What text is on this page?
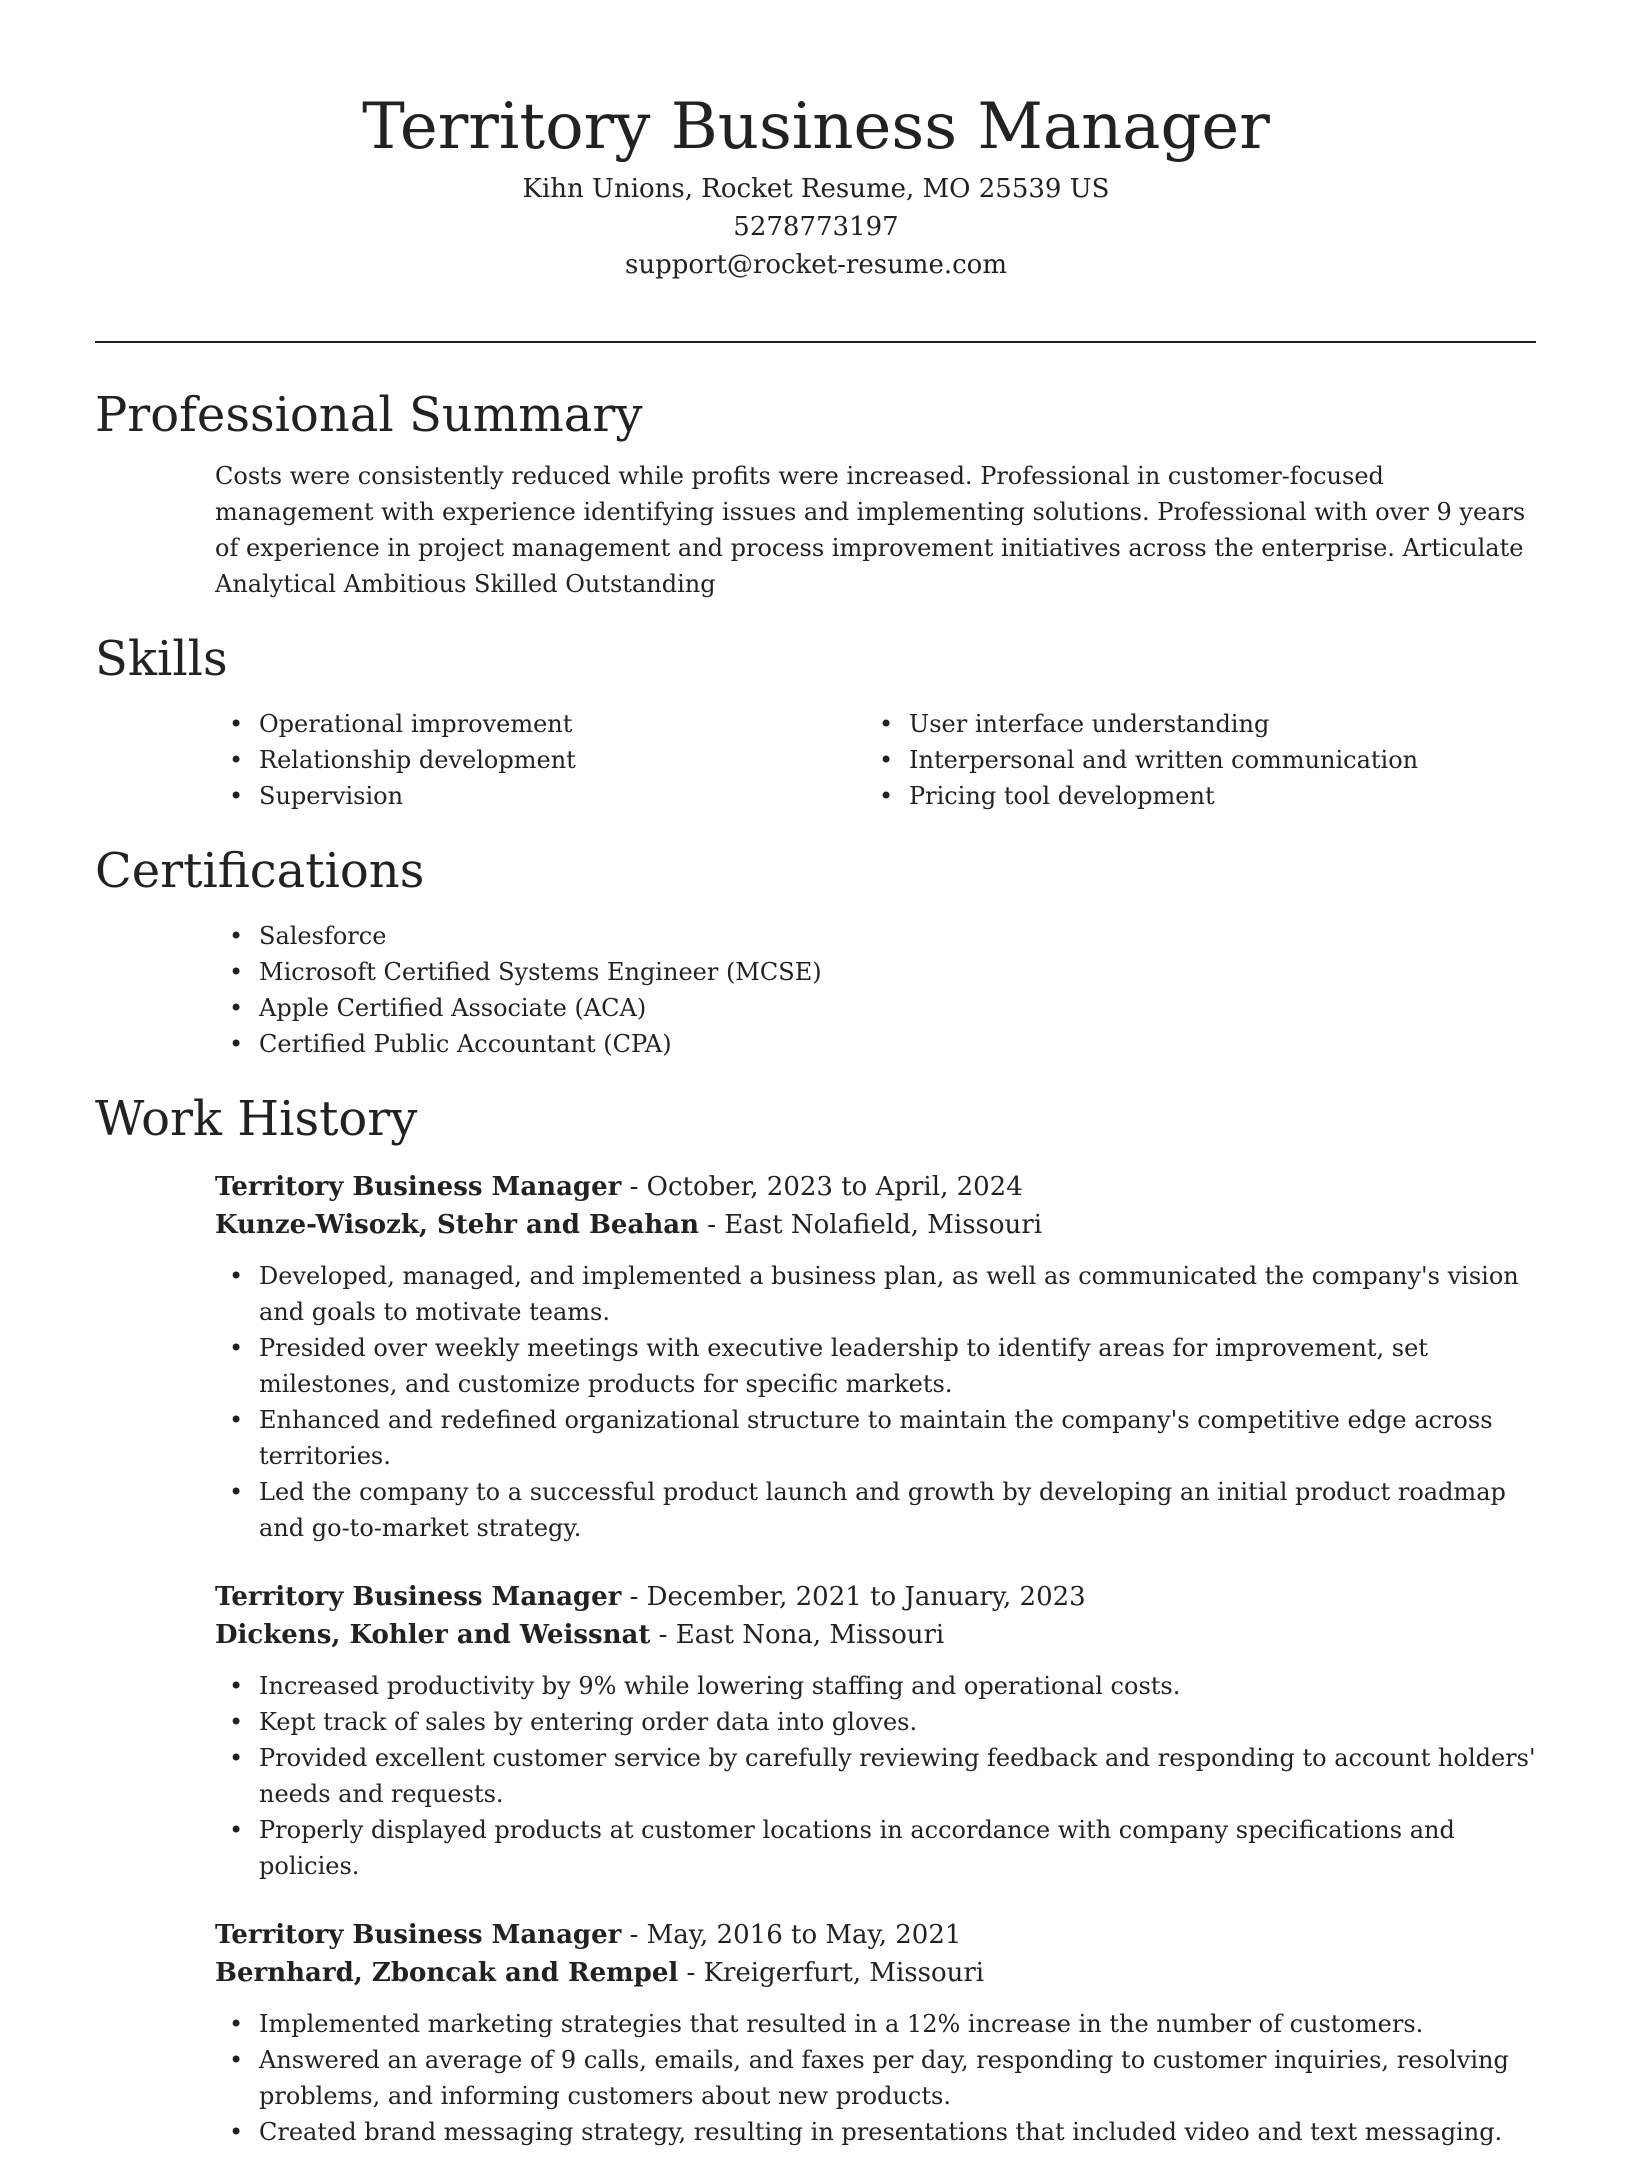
Territory Business Manager
Kihn Unions, Rocket Resume, MO 25539 US
5278773197
support@rocket-resume.com
Professional Summary

Costs were consistently reduced while profits were increased. Professional in customer-focused management with experience identifying issues and implementing solutions. Professional with over 9 years of experience in project management and process improvement initiatives across the enterprise. Articulate Analytical Ambitious Skilled Outstanding

Skills
• Operational improvement
• Relationship development
• Supervision
• User interface understanding
• Interpersonal and written communication
• Pricing tool development
Certifications
• Salesforce
• Microsoft Certified Systems Engineer (MCSE)
• Apple Certified Associate (ACA)
• Certified Public Accountant (CPA)
Work History
Territory Business Manager - October, 2023 to April, 2024
Kunze-Wisozk, Stehr and Beahan - East Nolafield, Missouri
• Developed, managed, and implemented a business plan, as well as communicated the company's vision and goals to motivate teams.
• Presided over weekly meetings with executive leadership to identify areas for improvement, set milestones, and customize products for specific markets.
• Enhanced and redefined organizational structure to maintain the company's competitive edge across territories.
• Led the company to a successful product launch and growth by developing an initial product roadmap and go-to-market strategy.
Territory Business Manager - December, 2021 to January, 2023
Dickens, Kohler and Weissnat - East Nona, Missouri
• Increased productivity by 9% while lowering staffing and operational costs.
• Kept track of sales by entering order data into gloves.
• Provided excellent customer service by carefully reviewing feedback and responding to account holders' needs and requests.
• Properly displayed products at customer locations in accordance with company specifications and policies.
Territory Business Manager - May, 2016 to May, 2021
Bernhard, Zboncak and Rempel - Kreigerfurt, Missouri
• Implemented marketing strategies that resulted in a 12% increase in the number of customers.
• Answered an average of 9 calls, emails, and faxes per day, responding to customer inquiries, resolving problems, and informing customers about new products.
• Created brand messaging strategy, resulting in presentations that included video and text messaging.
